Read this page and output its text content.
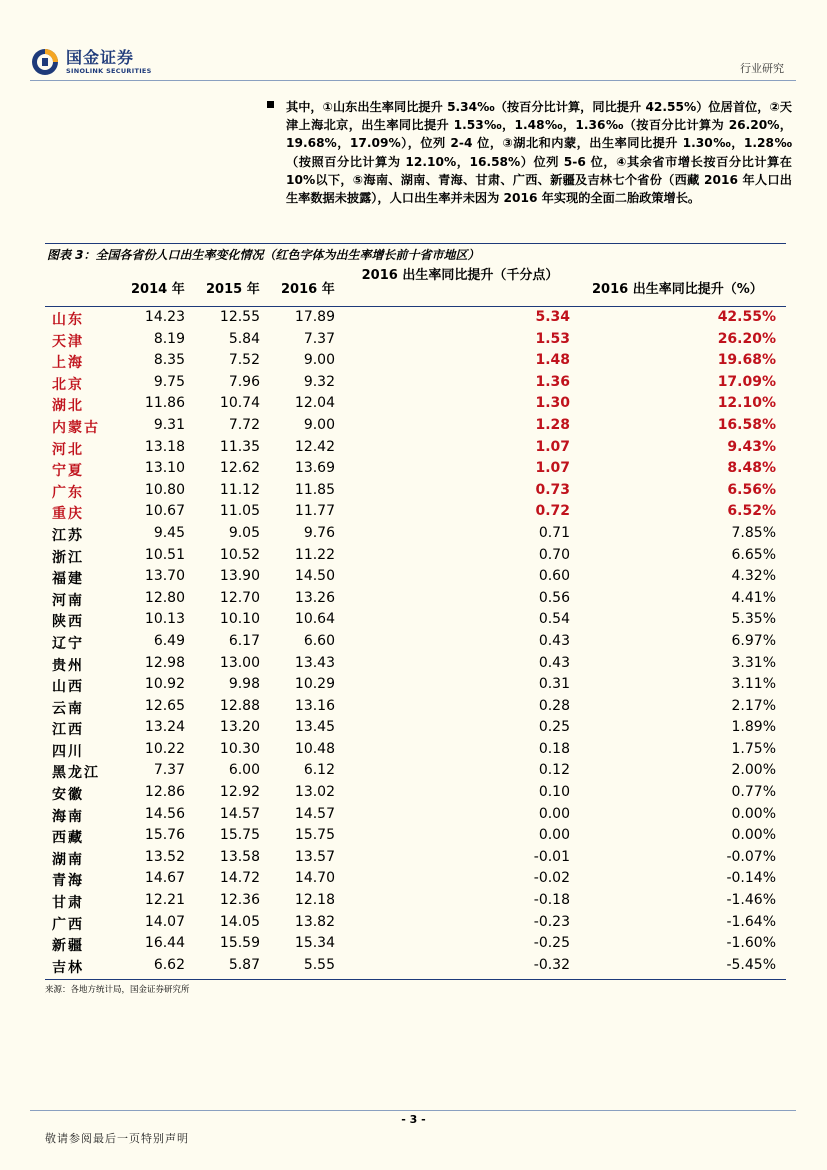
国金证券
SINOLINK SECURITIES	行业研究
其中，①山东出生率同比提升 5.34‰（按百分比计算，同比提升 42.55%）位居首位，②天津上海北京，出生率同比提升 1.53‰，1.48‰，1.36‰（按百分比计算为 26.20%，19.68%，17.09%），位列 2-4 位，③湖北和内蒙，出生率同比提升 1.30‰，1.28‰（按照百分比计算为 12.10%，16.58%）位列 5-6 位，④其余省市增长按百分比计算在 10%以下，⑤海南、湖南、青海、甘肃、广西、新疆及吉林七个省份（西藏 2016 年人口出生率数据未披露），人口出生率并未因为 2016 年实现的全面二胎政策增长。
图表 3：全国各省份人口出生率变化情况（红色字体为出生率增长前十省市地区）
2014 年 2015 年 2016 年
2016 出生率同比提升（千分点）
2016 出生率同比提升（%）
山东	14.23	12.55	17.89	5.34	42.55%
天津	8.19	5.84	7.37	1.53	26.20%
上海	8.35	7.52	9.00	1.48	19.68%
北京	9.75	7.96	9.32	1.36	17.09%
湖北	11.86	10.74	12.04	1.30	12.10%
内蒙古	9.31	7.72	9.00	1.28	16.58%
河北	13.18	11.35	12.42	1.07	9.43%
宁夏	13.10	12.62	13.69	1.07	8.48%
广东	10.80	11.12	11.85	0.73	6.56%
重庆	10.67	11.05	11.77	0.72	6.52%
江苏	9.45	9.05	9.76	0.71	7.85%
浙江	10.51	10.52	11.22	0.70	6.65%
福建	13.70	13.90	14.50	0.60	4.32%
河南	12.80	12.70	13.26	0.56	4.41%
陕西	10.13	10.10	10.64	0.54	5.35%
辽宁	6.49	6.17	6.60	0.43	6.97%
贵州	12.98	13.00	13.43	0.43	3.31%
山西	10.92	9.98	10.29	0.31	3.11%
云南	12.65	12.88	13.16	0.28	2.17%
江西	13.24	13.20	13.45	0.25	1.89%
四川	10.22	10.30	10.48	0.18	1.75%
黑龙江	7.37	6.00	6.12	0.12	2.00%
安徽	12.86	12.92	13.02	0.10	0.77%
海南	14.56	14.57	14.57	0.00	0.00%
西藏	15.76	15.75	15.75	0.00	0.00%
湖南	13.52	13.58	13.57	-0.01	-0.07%
青海	14.67	14.72	14.70	-0.02	-0.14%
甘肃	12.21	12.36	12.18	-0.18	-1.46%
广西	14.07	14.05	13.82	-0.23	-1.64%
新疆	16.44	15.59	15.34	-0.25	-1.60%
吉林	6.62	5.87	5.55	-0.32	-5.45%
来源：各地方统计局，国金证券研究所
- 3 -
敬请参阅最后一页特别声明
